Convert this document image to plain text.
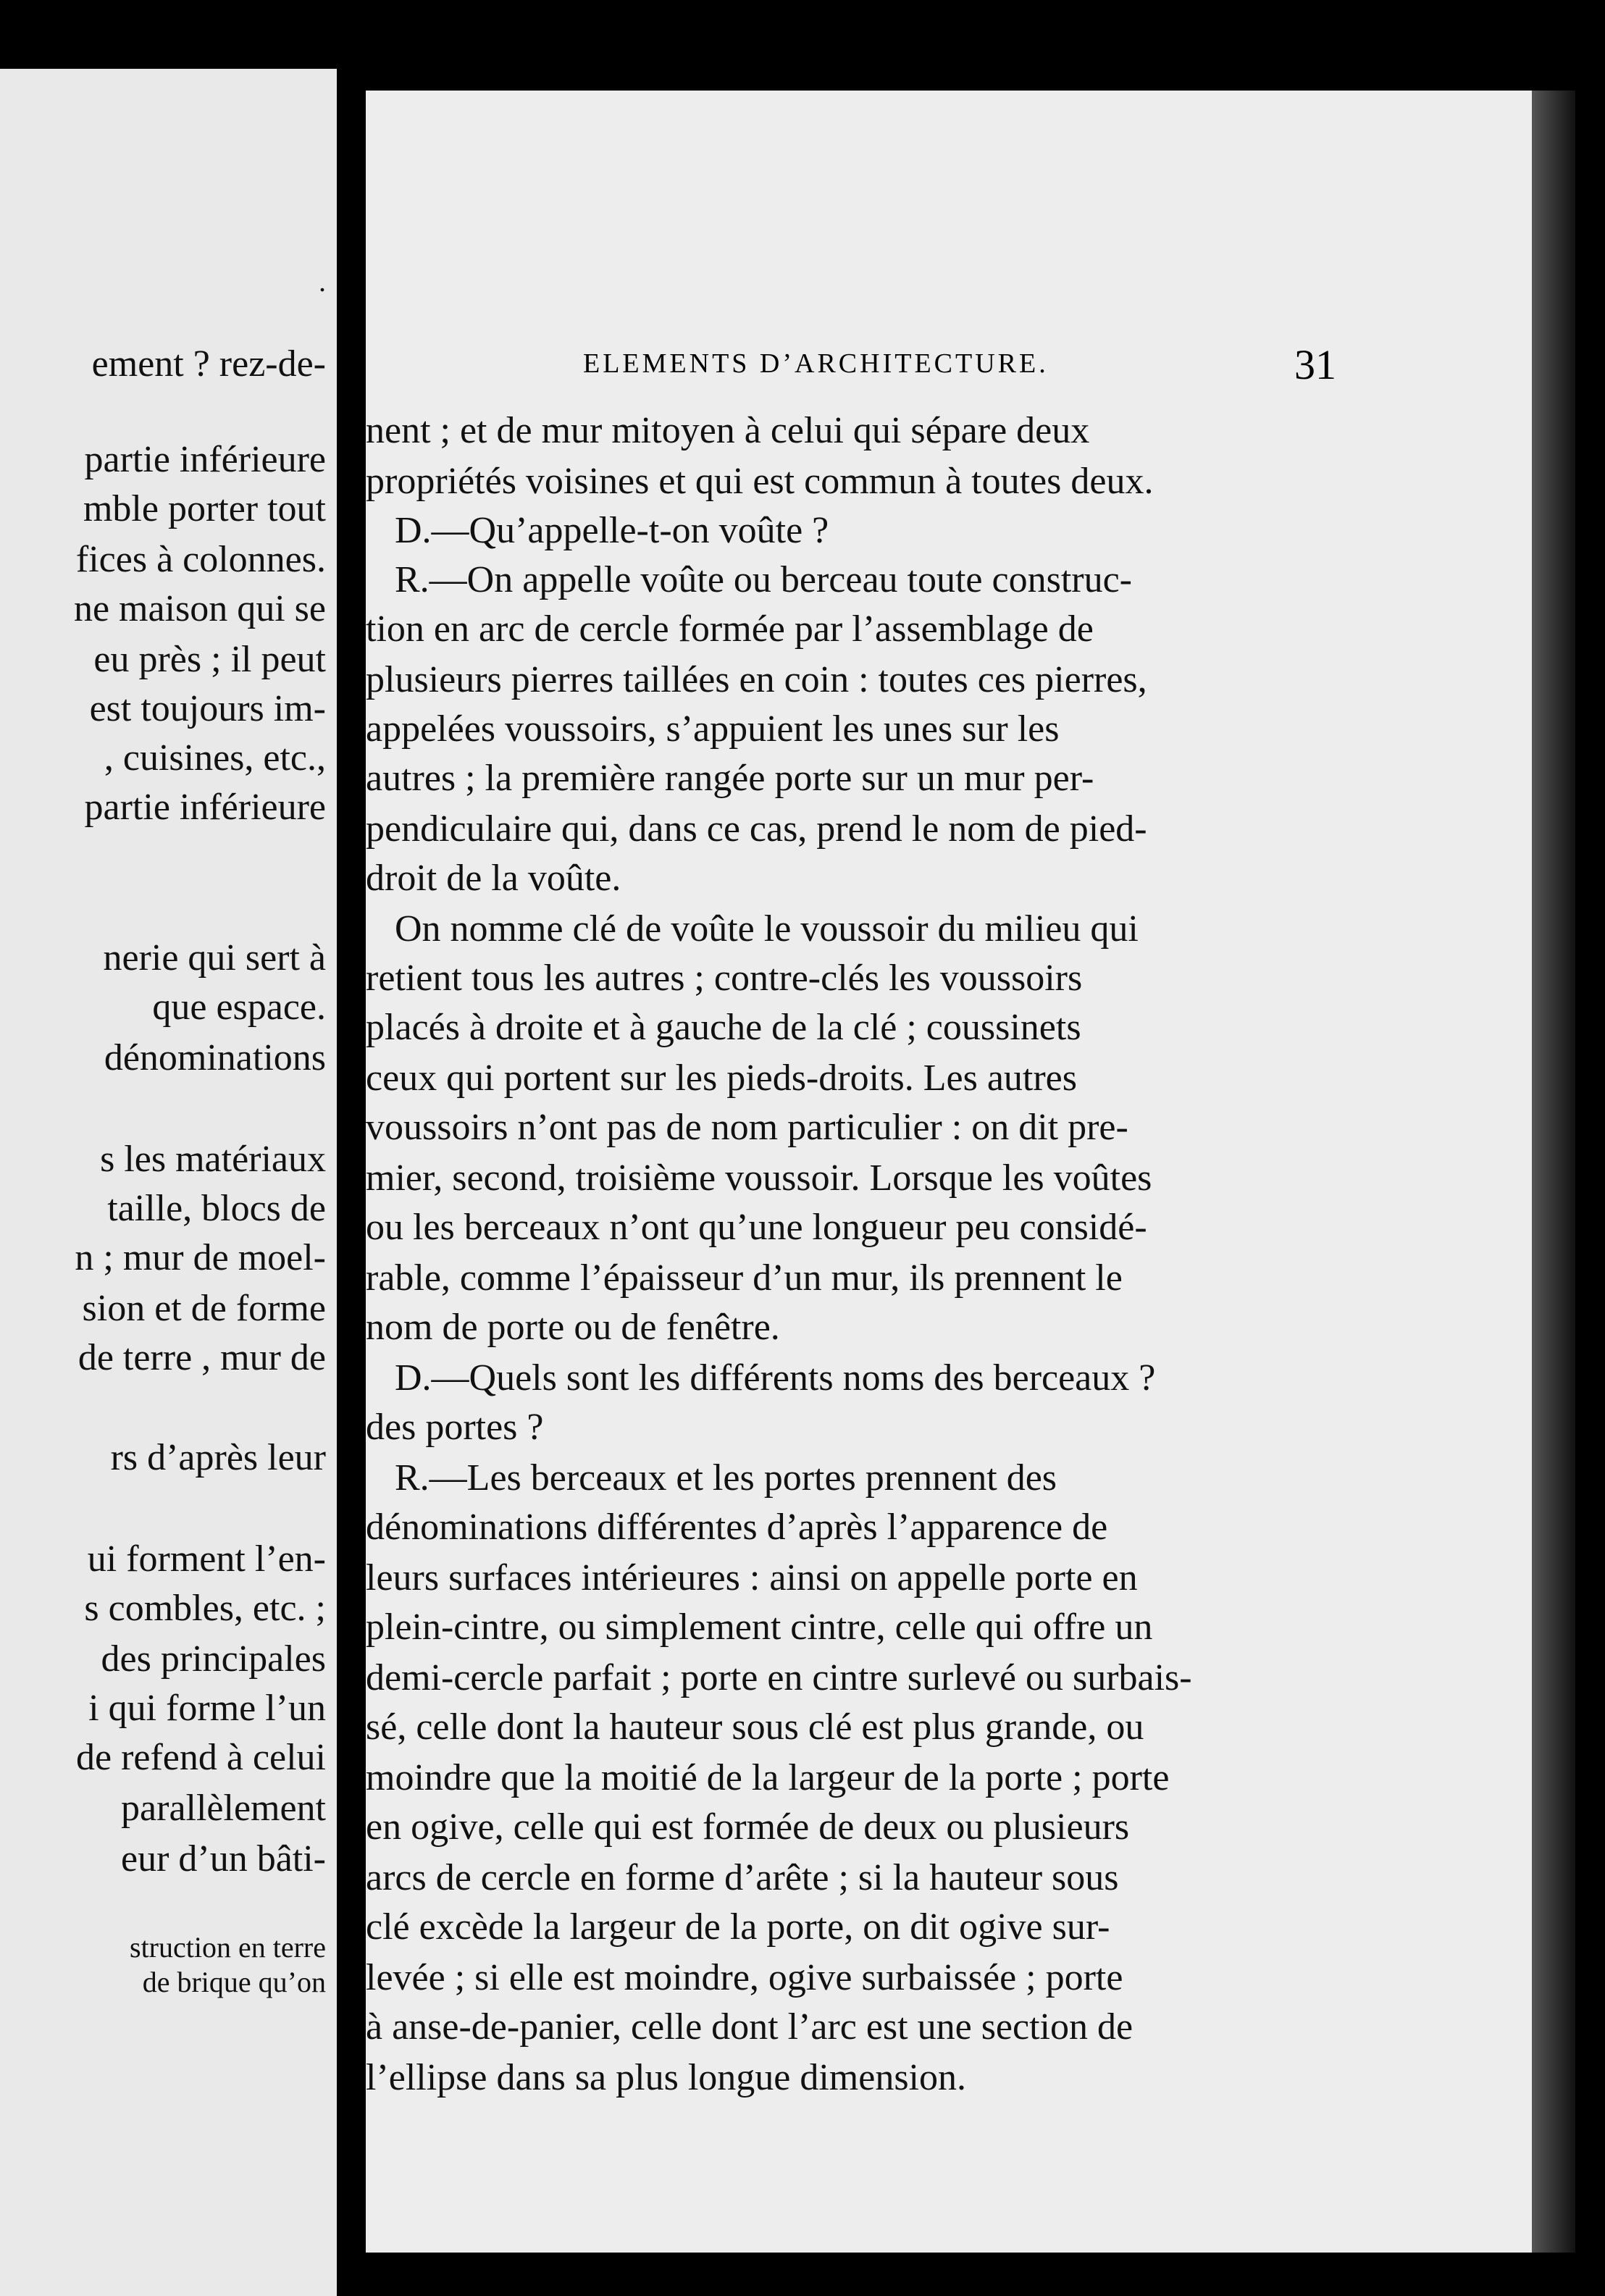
.
ement ? rez-de-
partie inférieure
mble porter tout
fices à colonnes.
ne maison qui se
eu près ; il peut
est toujours im-
, cuisines, etc.,
partie inférieure
nerie qui sert à
que espace.
dénominations
s les matériaux
taille, blocs de
n ; mur de moel-
sion et de forme
de terre , mur de
rs d’après leur
ui forment l’en-
s combles, etc. ;
des principales
i qui forme l’un
de refend à celui
parallèlement
eur d’un bâti-
struction en terre
de brique qu’on
ELEMENTS D’ARCHITECTURE.	31
nent ; et de mur mitoyen à celui qui sépare deux
propriétés voisines et qui est commun à toutes deux.
D.—Qu’appelle-t-on voûte ?
R.—On appelle voûte ou berceau toute construc-
tion en arc de cercle formée par l’assemblage de
plusieurs pierres taillées en coin : toutes ces pierres,
appelées voussoirs, s’appuient les unes sur les
autres ; la première rangée porte sur un mur per-
pendiculaire qui, dans ce cas, prend le nom de pied-
droit de la voûte.
On nomme clé de voûte le voussoir du milieu qui
retient tous les autres ; contre-clés les voussoirs
placés à droite et à gauche de la clé ; coussinets
ceux qui portent sur les pieds-droits. Les autres
voussoirs n’ont pas de nom particulier : on dit pre-
mier, second, troisième voussoir. Lorsque les voûtes
ou les berceaux n’ont qu’une longueur peu considé-
rable, comme l’épaisseur d’un mur, ils prennent le
nom de porte ou de fenêtre.
D.—Quels sont les différents noms des berceaux ?
des portes ?
R.—Les berceaux et les portes prennent des
dénominations différentes d’après l’apparence de
leurs surfaces intérieures : ainsi on appelle porte en
plein-cintre, ou simplement cintre, celle qui offre un
demi-cercle parfait ; porte en cintre surlevé ou surbais-
sé, celle dont la hauteur sous clé est plus grande, ou
moindre que la moitié de la largeur de la porte ; porte
en ogive, celle qui est formée de deux ou plusieurs
arcs de cercle en forme d’arête ; si la hauteur sous
clé excède la largeur de la porte, on dit ogive sur-
levée ; si elle est moindre, ogive surbaissée ; porte
à anse-de-panier, celle dont l’arc est une section de
l’ellipse dans sa plus longue dimension.
